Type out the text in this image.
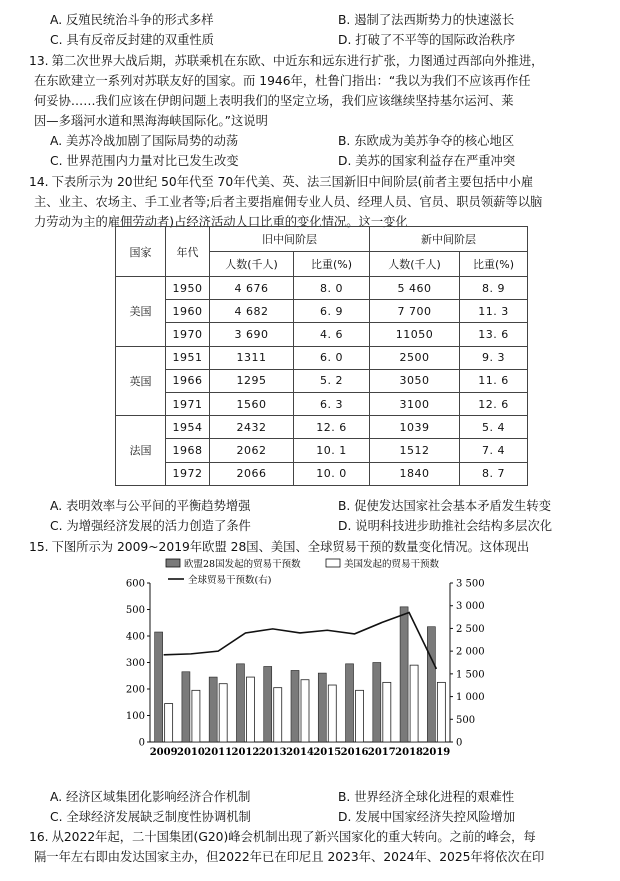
A. 反殖民统治斗争的形式多样	B. 遏制了法西斯势力的快速滋长
C. 具有反帝反封建的双重性质	D. 打破了不平等的国际政治秩序
13. 第二次世界大战后期，苏联乘机在东欧、中近东和远东进行扩张，力图通过西部向外推进，
在东欧建立一系列对苏联友好的国家。而 1946年，杜鲁门指出：“我以为我们不应该再作任
何妥协……我们应该在伊朗问题上表明我们的坚定立场，我们应该继续坚持基尔运河、莱
因—多瑙河水道和黑海海峡国际化。”这说明
A. 美苏冷战加剧了国际局势的动荡	B. 东欧成为美苏争夺的核心地区
C. 世界范围内力量对比已发生改变	D. 美苏的国家利益存在严重冲突
14. 下表所示为 20世纪 50年代至 70年代美、英、法三国新旧中间阶层(前者主要包括中小雇
主、业主、农场主、手工业者等;后者主要指雇佣专业人员、经理人员、官员、职员领薪等以脑
力劳动为主的雇佣劳动者)占经济活动人口比重的变化情况。这一变化
国家	年代	旧中间阶层		新中间阶层	
		人数(千人)	比重(%)	人数(千人)	比重(%)
美国	1950	4 676	8. 0	5 460	8. 9
	1960	4 682	6. 9	7 700	11. 3
	1970	3 690	4. 6	11050	13. 6
英国	1951	1311	6. 0	2500	9. 3
	1966	1295	5. 2	3050	11. 6
	1971	1560	6. 3	3100	12. 6
法国	1954	2432	12. 6	1039	5. 4
	1968	2062	10. 1	1512	7. 4
	1972	2066	10. 0	1840	8. 7
A. 表明效率与公平间的平衡趋势增强	B. 促使发达国家社会基本矛盾发生转变
C. 为增强经济发展的活力创造了条件	D. 说明科技进步助推社会结构多层次化
15. 下图所示为 2009~2019年欧盟 28国、美国、全球贸易干预的数量变化情况。这体现出
欧盟28国发起的贸易干预数	美国发起的贸易干预数
全球贸易干预数(右)
0
100
200
300
400
500
600
0
500
1 000
1 500
2 000
2 500
3 000
3 500
2009 2010 2011 2012 2013 2014 2015 2016 2017 2018 2019
A. 经济区域集团化影响经济合作机制	B. 世界经济全球化进程的艰难性
C. 全球经济发展缺乏制度性协调机制	D. 发展中国家经济失控风险增加
16. 从2022年起，二十国集团(G20)峰会机制出现了新兴国家化的重大转向。之前的峰会，每
隔一年左右即由发达国家主办，但2022年已在印尼且 2023年、2024年、2025年将依次在印
